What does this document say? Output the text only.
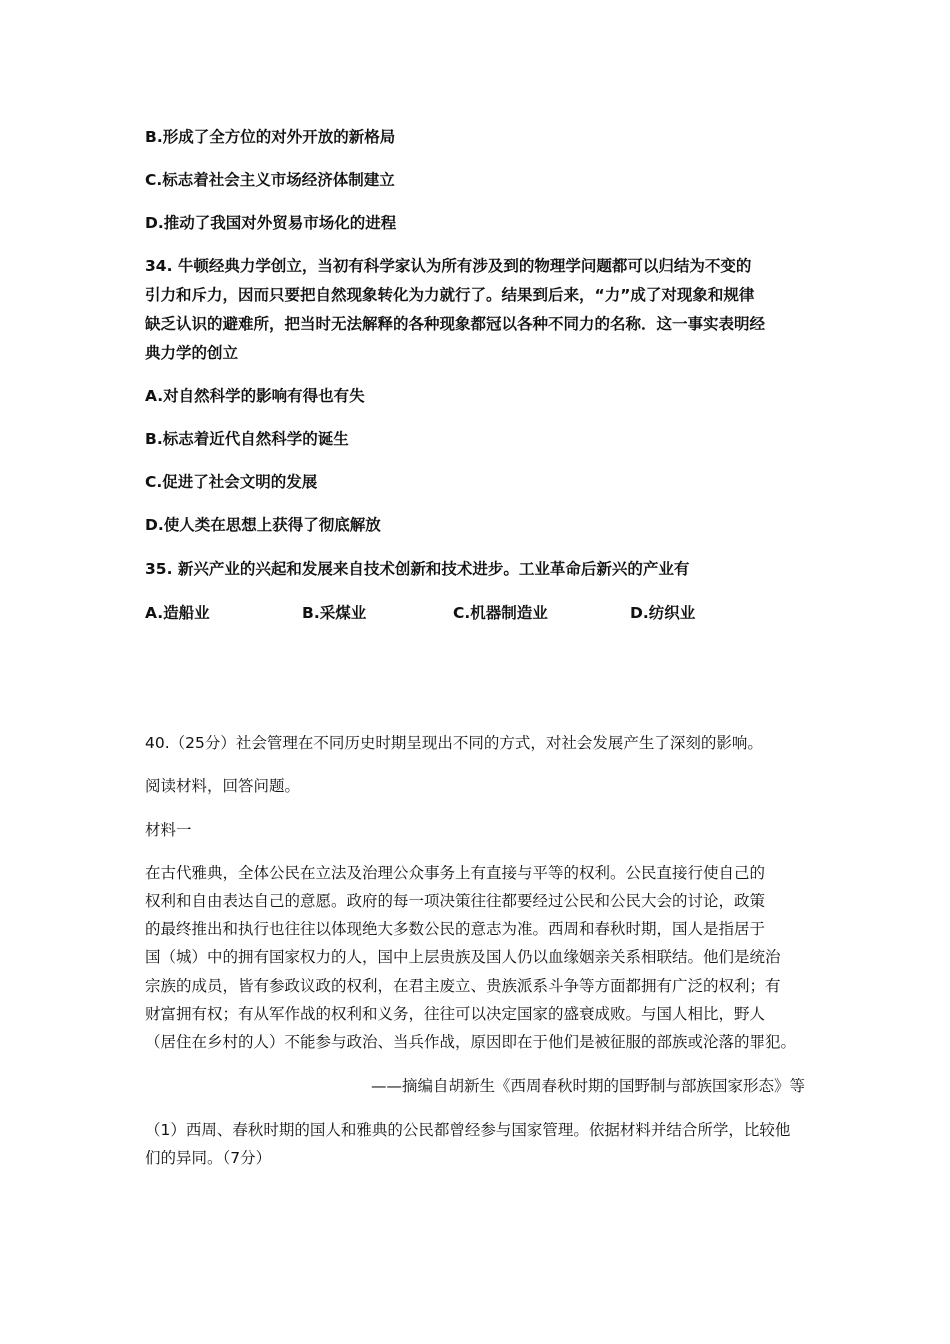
B.形成了全方位的对外开放的新格局
C.标志着社会主义市场经济体制建立
D.推动了我国对外贸易市场化的进程
34. 牛顿经典力学创立，当初有科学家认为所有涉及到的物理学问题都可以归结为不变的
引力和斥力，因而只要把自然现象转化为力就行了。结果到后来，“力”成了对现象和规律
缺乏认识的避难所，把当时无法解释的各种现象都冠以各种不同力的名称．这一事实表明经
典力学的创立
A.对自然科学的影响有得也有失
B.标志着近代自然科学的诞生
C.促进了社会文明的发展
D.使人类在思想上获得了彻底解放
35. 新兴产业的兴起和发展来自技术创新和技术进步。工业革命后新兴的产业有
A.造船业	B.采煤业	C.机器制造业	D.纺织业
40.（25分）社会管理在不同历史时期呈现出不同的方式，对社会发展产生了深刻的影响。
阅读材料，回答问题。
材料一
在古代雅典，全体公民在立法及治理公众事务上有直接与平等的权利。公民直接行使自己的
权利和自由表达自己的意愿。政府的每一项决策往往都要经过公民和公民大会的讨论，政策
的最终推出和执行也往往以体现绝大多数公民的意志为准。西周和春秋时期，国人是指居于
国（城）中的拥有国家权力的人，国中上层贵族及国人仍以血缘姻亲关系相联结。他们是统治
宗族的成员，皆有参政议政的权利，在君主废立、贵族派系斗争等方面都拥有广泛的权利；有
财富拥有权；有从军作战的权利和义务，往往可以决定国家的盛衰成败。与国人相比，野人
（居住在乡村的人）不能参与政治、当兵作战，原因即在于他们是被征服的部族或沦落的罪犯。
——摘编自胡新生《西周春秋时期的国野制与部族国家形态》等
（1）西周、春秋时期的国人和雅典的公民都曾经参与国家管理。依据材料并结合所学，比较他
们的异同。（7分）
